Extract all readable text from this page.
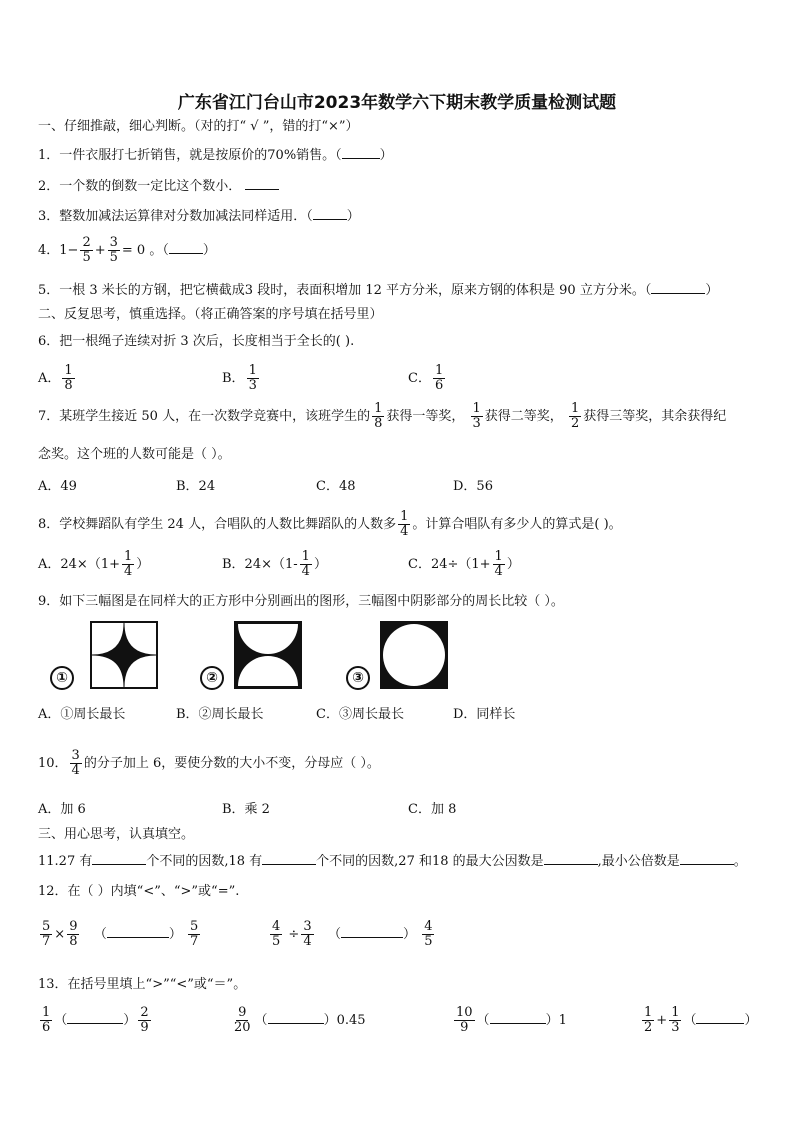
广东省江门台山市2023年数学六下期末教学质量检测试题
一、仔细推敲，细心判断。（对的打“ √ ”，错的打“×”）
1．一件衣服打七折销售，就是按原价的70%销售。（	）
2．一个数的倒数一定比这个数小．
3．整数加减法运算律对分数加减法同样适用．（	）
4．$1- \frac{2}{5} + \frac{3}{5} = 0$ 。（	）
5．一根 3 米长的方钢，把它横截成3 段时，表面积增加 12 平方分米，原来方钢的体积是 90 立方分米。（	）
二、反复思考，慎重选择。（将正确答案的序号填在括号里）
6．把一根绳子连续对折 3 次后，长度相当于全长的( ).
A． $\frac{1}{8}$	B． $\frac{1}{3}$	C． $\frac{1}{6}$
7．某班学生接近 50 人，在一次数学竞赛中，该班学生的 $\frac{1}{8}$ 获得一等奖， $\frac{1}{3}$ 获得二等奖， $\frac{1}{2}$ 获得三等奖，其余获得纪
念奖。这个班的人数可能是（ ）。
A．49	B．24	C．48	D．56
8．学校舞蹈队有学生 24 人，合唱队的人数比舞蹈队的人数多 $\frac{1}{4}$ 。计算合唱队有多少人的算式是( )。
A．$24\times(1+ \frac{1}{4}$ ）	B．$24\times(1- \frac{1}{4}$ ）	C．$24\div(1+ \frac{1}{4}$ ）
9．如下三幅图是在同样大的正方形中分别画出的图形，三幅图中阴影部分的周长比较（ ）。
①	②	③
A．①周长最长	B．②周长最长	C．③周长最长	D．同样长
10． $\frac{3}{4}$ 的分子加上 6，要使分数的大小不变，分母应（ ）。
A．加 6	B．乘 2	C．加 8
三、用心思考，认真填空。
11.27 有	个不同的因数,18 有	个不同的因数,27 和18 的最大公因数是	,最小公倍数是	。
12．在（ ）内填“<”、“>”或“=”.
$\frac{5}{7} \times \frac{9}{8}$ （	） $\frac{5}{7}$	$\frac{4}{5} \div \frac{3}{4}$ （	） $\frac{4}{5}$
13．在括号里填上“>”“<”或“＝”。
$\frac{1}{6}$ （	） $\frac{2}{9}$	$\frac{9}{20}$ （	）0.45	$\frac{10}{9}$ （	）1	$\frac{1}{2} + \frac{1}{3}$ （	）
